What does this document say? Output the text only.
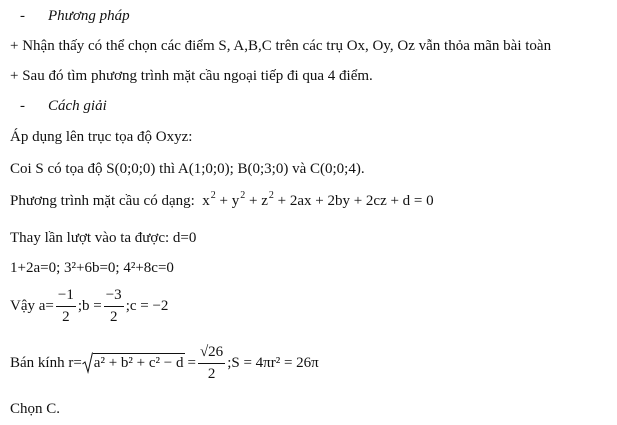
- Phương pháp
+ Nhận thấy có thể chọn các điểm S, A,B,C trên các trụ Ox, Oy, Oz vẫn thỏa mãn bài toàn
+ Sau đó tìm phương trình mặt cầu ngoại tiếp đi qua 4 điểm.
- Cách giải
Áp dụng lên trục tọa độ Oxyz:
Coi S có tọa độ S(0;0;0) thì A(1;0;0); B(0;3;0) và C(0;0;4).
Phương trình mặt cầu có dạng: $x^2 + y^2 + z^2 + 2ax + 2by + 2cz + d = 0$
Thay lần lượt vào ta được: d=0
1+2a=0; 3²+6b=0; 4²+8c=0
Vậy $a= \frac{-1}{2}$ ;b = $\frac{-3}{2}$ ;c = −2
Bán kính $r= a^2 + b^2 + c^2 - d = \frac{√26}{2}$ ;S = 4πr² = 26π
Chọn C.
